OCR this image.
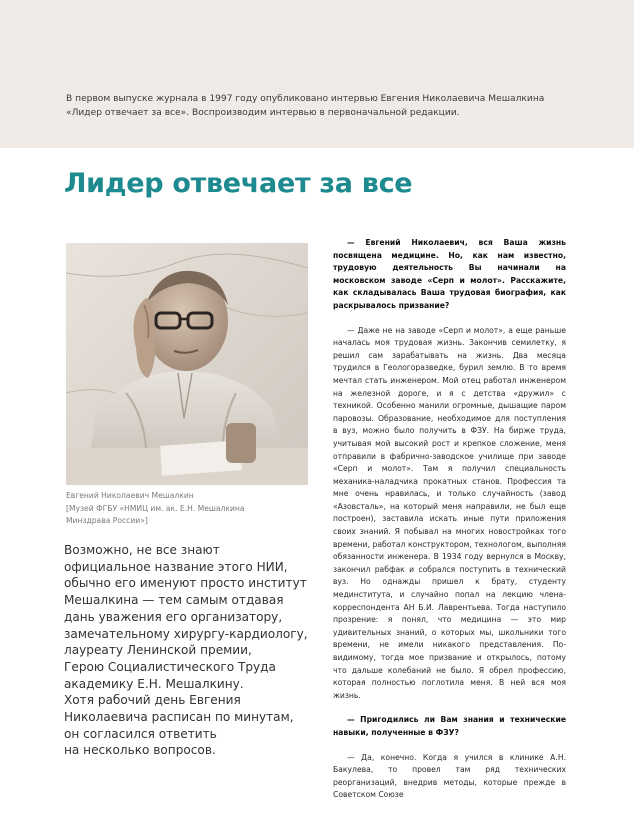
В первом выпуске журнала в 1997 году опубликовано интервью Евгения Николаевича Мешалкина

«Лидер отвечает за все». Воспроизводим интервью в первоначальной редакции.

Лидер отвечает за все

Евгений Николаевич Мешалкин

[Музей ФГБУ «НМИЦ им. ак. Е.Н. Мешалкина

Минздрава России»]

Возможно, не все знают

официальное название этого НИИ,

обычно его именуют просто институт

Мешалкина — тем самым отдавая

дань уважения его организатору,

замечательному хирургу-кардиологу,

лауреату Ленинской премии,

Герою Социалистического Труда

академику Е.Н. Мешалкину.

Хотя рабочий день Евгения

Николаевича расписан по минутам,

он согласился ответить

на несколько вопросов.

— Евгений Николаевич, вся Ваша жизнь посвящена медицине. Но, как нам известно, трудовую деятельность Вы начинали на московском заводе «Серп и молот». Расскажите, как складывалась Ваша трудовая биография, как раскрывалось призвание?

— Даже не на заводе «Серп и молот», а еще раньше началась моя трудовая жизнь. Закончив семилетку, я решил сам зарабатывать на жизнь. Два месяца трудился в Геологоразведке, бурил землю. В то время мечтал стать инженером. Мой отец работал инженером на железной дороге, и я с детства «дружил» с техникой. Особенно манили огромные, дышащие паром паровозы. Образование, необходимое для поступления в вуз, можно было получить в ФЗУ. На бирже труда, учитывая мой высокий рост и крепкое сложение, меня отправили в фабрично-заводское училище при заводе «Серп и молот». Там я получил специальность механика-наладчика прокатных станов. Профессия та мне очень нравилась, и только случайность (завод «Азовсталь», на который меня направили, не был еще построен), заставила искать иные пути приложения своих знаний. Я побывал на многих новостройках того времени, работал конструктором, технологом, выполняя обязанности инженера. В 1934 году вернулся в Москву, закончил рабфак и собрался поступить в технический вуз. Но однажды пришел к брату, студенту мединститута, и случайно попал на лекцию члена-корреспондента АН Б.И. Лаврентьева. Тогда наступило прозрение: я понял, что медицина — это мир удивительных знаний, о которых мы, школьники того времени, не имели никакого представления. По-видимому, тогда мое призвание и открылось, потому что дальше колебаний не было. Я обрел профессию, которая полностью поглотила меня. В ней вся моя жизнь.

— Пригодились ли Вам знания и технические навыки, полученные в ФЗУ?

— Да, конечно. Когда я учился в клинике А.Н. Бакулева, то провел там ряд технических реорганизаций, внедрив методы, которые прежде в Советском Союзе
